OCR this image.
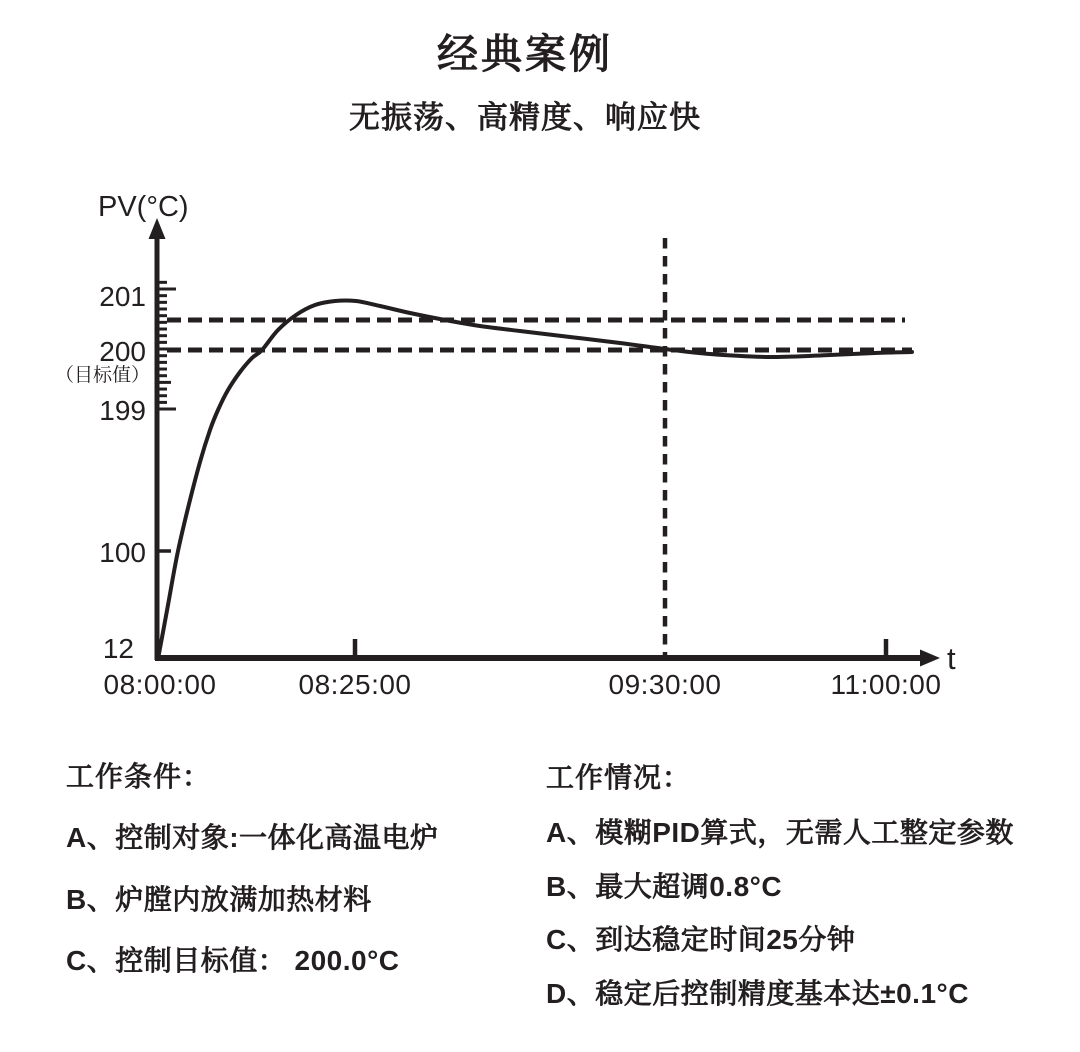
经典案例
无振荡、高精度、响应快
PV(°C)
t
201
200
（目标值）
199
100
12
08:00:00	08:25:00	09:30:00	11:00:00
工作条件：
A、控制对象:一体化高温电炉
B、炉膛内放满加热材料
C、控制目标值： 200.0°C
工作情况：
A、模糊PID算式，无需人工整定参数
B、最大超调0.8°C
C、到达稳定时间25分钟
D、稳定后控制精度基本达±0.1°C
